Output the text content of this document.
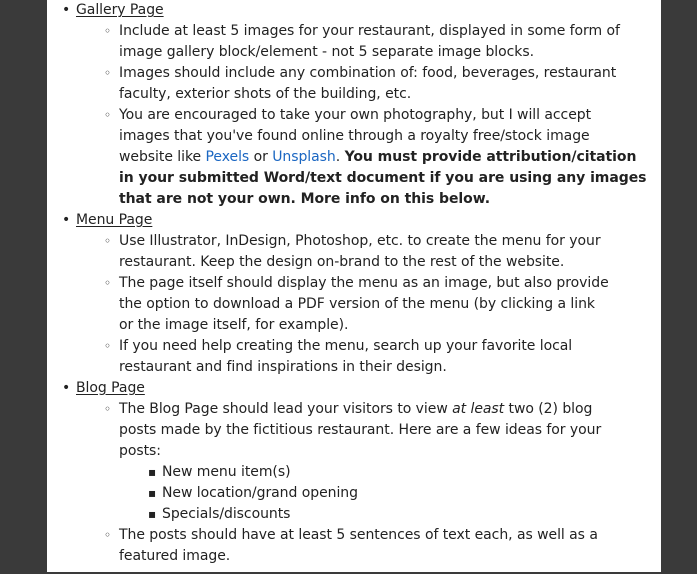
• Gallery Page
◦ Include at least 5 images for your restaurant, displayed in some form of
image gallery block/element - not 5 separate image blocks.
◦ Images should include any combination of: food, beverages, restaurant
faculty, exterior shots of the building, etc.
◦ You are encouraged to take your own photography, but I will accept
images that you've found online through a royalty free/stock image
website like Pexels or Unsplash. You must provide attribution/citation
in your submitted Word/text document if you are using any images
that are not your own. More info on this below.
• Menu Page
◦ Use Illustrator, InDesign, Photoshop, etc. to create the menu for your
restaurant. Keep the design on-brand to the rest of the website.
◦ The page itself should display the menu as an image, but also provide
the option to download a PDF version of the menu (by clicking a link
or the image itself, for example).
◦ If you need help creating the menu, search up your favorite local
restaurant and find inspirations in their design.
• Blog Page
◦ The Blog Page should lead your visitors to view at least two (2) blog
posts made by the fictitious restaurant. Here are a few ideas for your
posts:
▪ New menu item(s)
▪ New location/grand opening
▪ Specials/discounts
◦ The posts should have at least 5 sentences of text each, as well as a
featured image.
